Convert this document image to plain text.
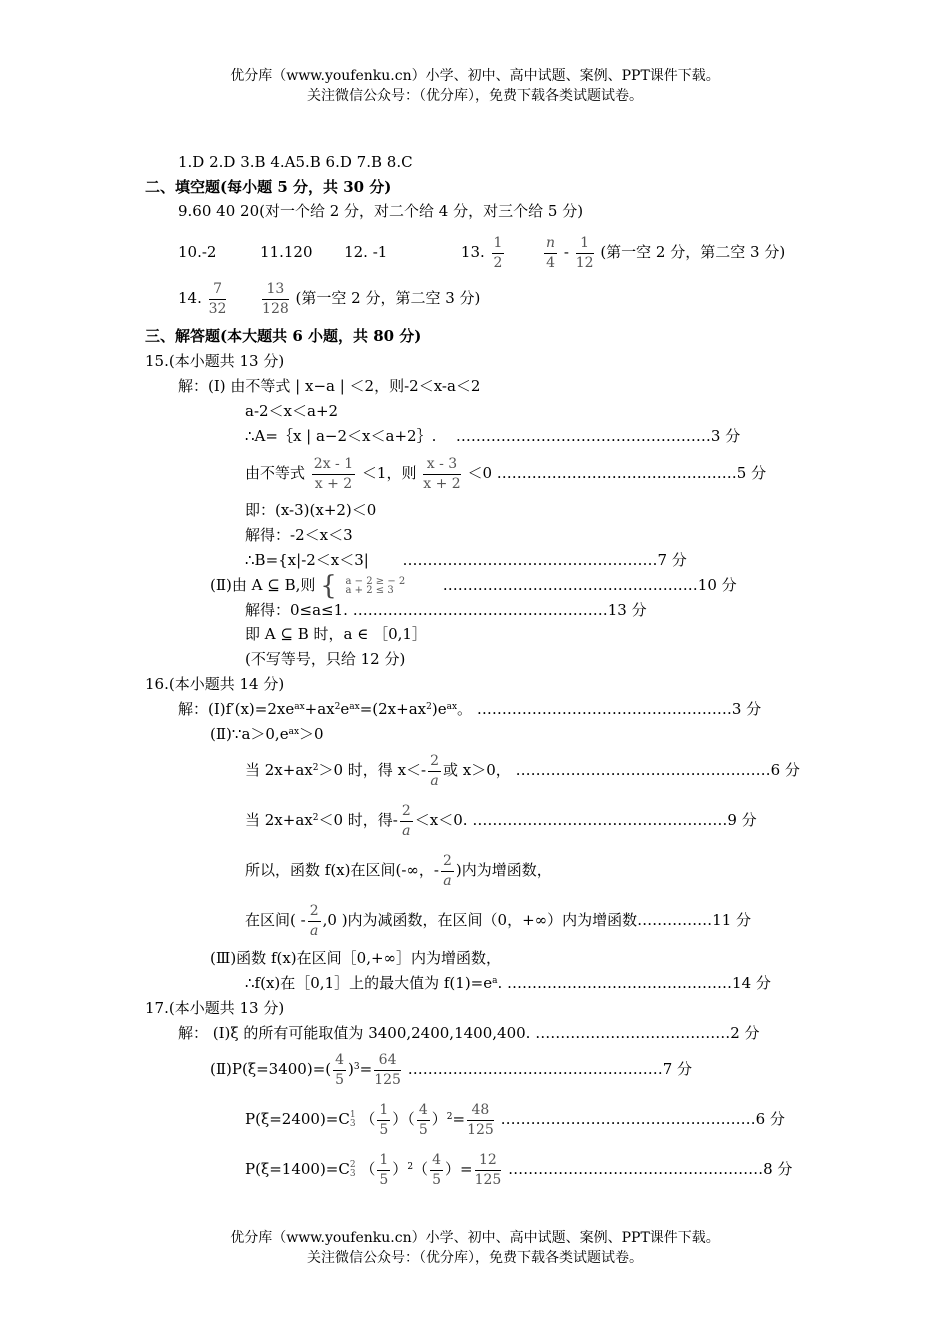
优分库（www.youfenku.cn）小学、初中、高中试题、案例、PPT课件下载。
关注微信公众号：（优分库），免费下载各类试题试卷。
1.D 2.D 3.B 4.A5.B 6.D 7.B 8.C
二、填空题(每小题 5 分，共 30 分)
9.60 40 20(对一个给 2 分，对二个给 4 分，对三个给 5 分)
10.-2	11.120 12. -1	13. $\frac{1}{2}$
	$\frac{n}{4} - \frac{1}{12}$ (第一空 2 分，第二空 3 分)
14. $\frac{7}{32}$
	$\frac{13}{128}$ (第一空 2 分，第二空 3 分)
三、解答题(本大题共 6 小题，共 80 分)
15.(本小题共 13 分)
解：(Ⅰ) 由不等式 | x−a | ＜2，则-2＜x-a＜2
a-2＜x＜a+2
∴A=｛x | a−2＜x＜a+2｝. ……………………………………………3 分
由不等式 $\frac{2x - 1}{x + 2} <1$，则 $\frac{x - 3}{x + 2} <0$ …………………………………………5 分
即：(x-3)(x+2)＜0
解得：-2＜x＜3
∴B={x|-2＜x＜3| ……………………………………………7 分
(Ⅱ)由 A ⊆ B,则 { a − 2 ≥ − 2
a + 2 ≤ 3	……………………………………………10 分
解得：0≤a≤1. ……………………………………………13 分
即 A ⊆ B 时，a ∈ ［0,1］
(不写等号，只给 12 分)
16.(本小题共 14 分)
解：$(Ⅰ)f'(x)=2xe^{ax}+ax^2e^{ax}=(2x+ax^2)e^{ax}$。 ……………………………………………3 分
$(Ⅱ)\because a>0,e^{ax}>0$
当 $2x+ax^2>0$ 时，得 $x<- \frac{2}{a}$ 或 x＞0， ……………………………………………6 分
当 $2x+ax^2<0$ 时，得- $\frac{2}{a} <x<0$. ……………………………………………9 分
所以，函数 f(x)在区间(-∞，- $\frac{2}{a}$ )内为增函数，
在区间( - $\frac{2}{a} ,0$ )内为减函数，在区间（0，+∞）内为增函数……………11 分
(Ⅲ)函数 f(x)在区间［0,+∞］内为增函数，
∴f(x)在［0,1］上的最大值为 $f(1)=e^a$. ………………………………………14 分
17.(本小题共 13 分)
解： (Ⅰ)ξ 的所有可能取值为 3400,2400,1400,400. …………………………………2 分
(Ⅱ)P(ξ=3400)=( $\frac{4}{5} )^3= \frac{64}{125}$ ……………………………………………7 分
P(ξ=2400)=C 1
3 （ $\frac{1}{5}$ ）（ $\frac{4}{5} )^2= \frac{48}{125}$ ……………………………………………6 分
P(ξ=1400)=C 2
3 （ $\frac{1}{5} )^2( \frac{4}{5}$ ）= $\frac{12}{125}$ ……………………………………………8 分
优分库（www.youfenku.cn）小学、初中、高中试题、案例、PPT课件下载。
关注微信公众号：（优分库），免费下载各类试题试卷。
